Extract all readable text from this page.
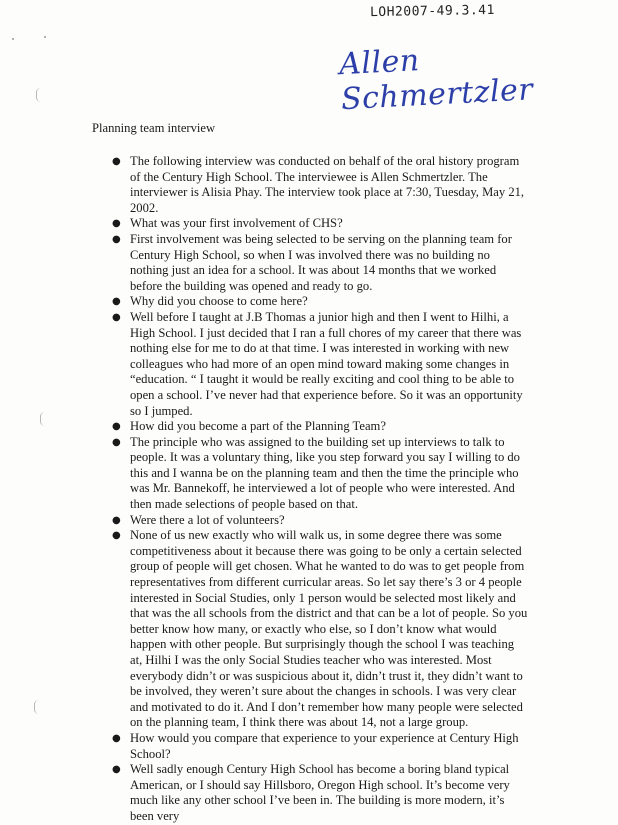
LOH2007-49.3.41
Allen Schmertzler
Planning team interview
● The following interview was conducted on behalf of the oral history program of the Century High School. The interviewee is Allen Schmertzler. The interviewer is Alisia Phay. The interview took place at 7:30, Tuesday, May 21, 2002.
● What was your first involvement of CHS?
● First involvement was being selected to be serving on the planning team for Century High School, so when I was involved there was no building no nothing just an idea for a school. It was about 14 months that we worked before the building was opened and ready to go.
● Why did you choose to come here?
● Well before I taught at J.B Thomas a junior high and then I went to Hilhi, a High School. I just decided that I ran a full chores of my career that there was nothing else for me to do at that time. I was interested in working with new colleagues who had more of an open mind toward making some changes in “education. “ I taught it would be really exciting and cool thing to be able to open a school. I’ve never had that experience before. So it was an opportunity so I jumped.
● How did you become a part of the Planning Team?
● The principle who was assigned to the building set up interviews to talk to people. It was a voluntary thing, like you step forward you say I willing to do this and I wanna be on the planning team and then the time the principle who was Mr. Bannekoff, he interviewed a lot of people who were interested. And then made selections of people based on that.
● Were there a lot of volunteers?
● None of us new exactly who will walk us, in some degree there was some competitiveness about it because there was going to be only a certain selected group of people will get chosen. What he wanted to do was to get people from representatives from different curricular areas. So let say there’s 3 or 4 people interested in Social Studies, only 1 person would be selected most likely and that was the all schools from the district and that can be a lot of people. So you better know how many, or exactly who else, so I don’t know what would happen with other people. But surprisingly though the school I was teaching at, Hilhi I was the only Social Studies teacher who was interested. Most everybody didn’t or was suspicious about it, didn’t trust it, they didn’t want to be involved, they weren’t sure about the changes in schools. I was very clear and motivated to do it. And I don’t remember how many people were selected on the planning team, I think there was about 14, not a large group.
● How would you compare that experience to your experience at Century High School?
● Well sadly enough Century High School has become a boring bland typical American, or I should say Hillsboro, Oregon High school. It’s become very much like any other school I’ve been in. The building is more modern, it’s been very
